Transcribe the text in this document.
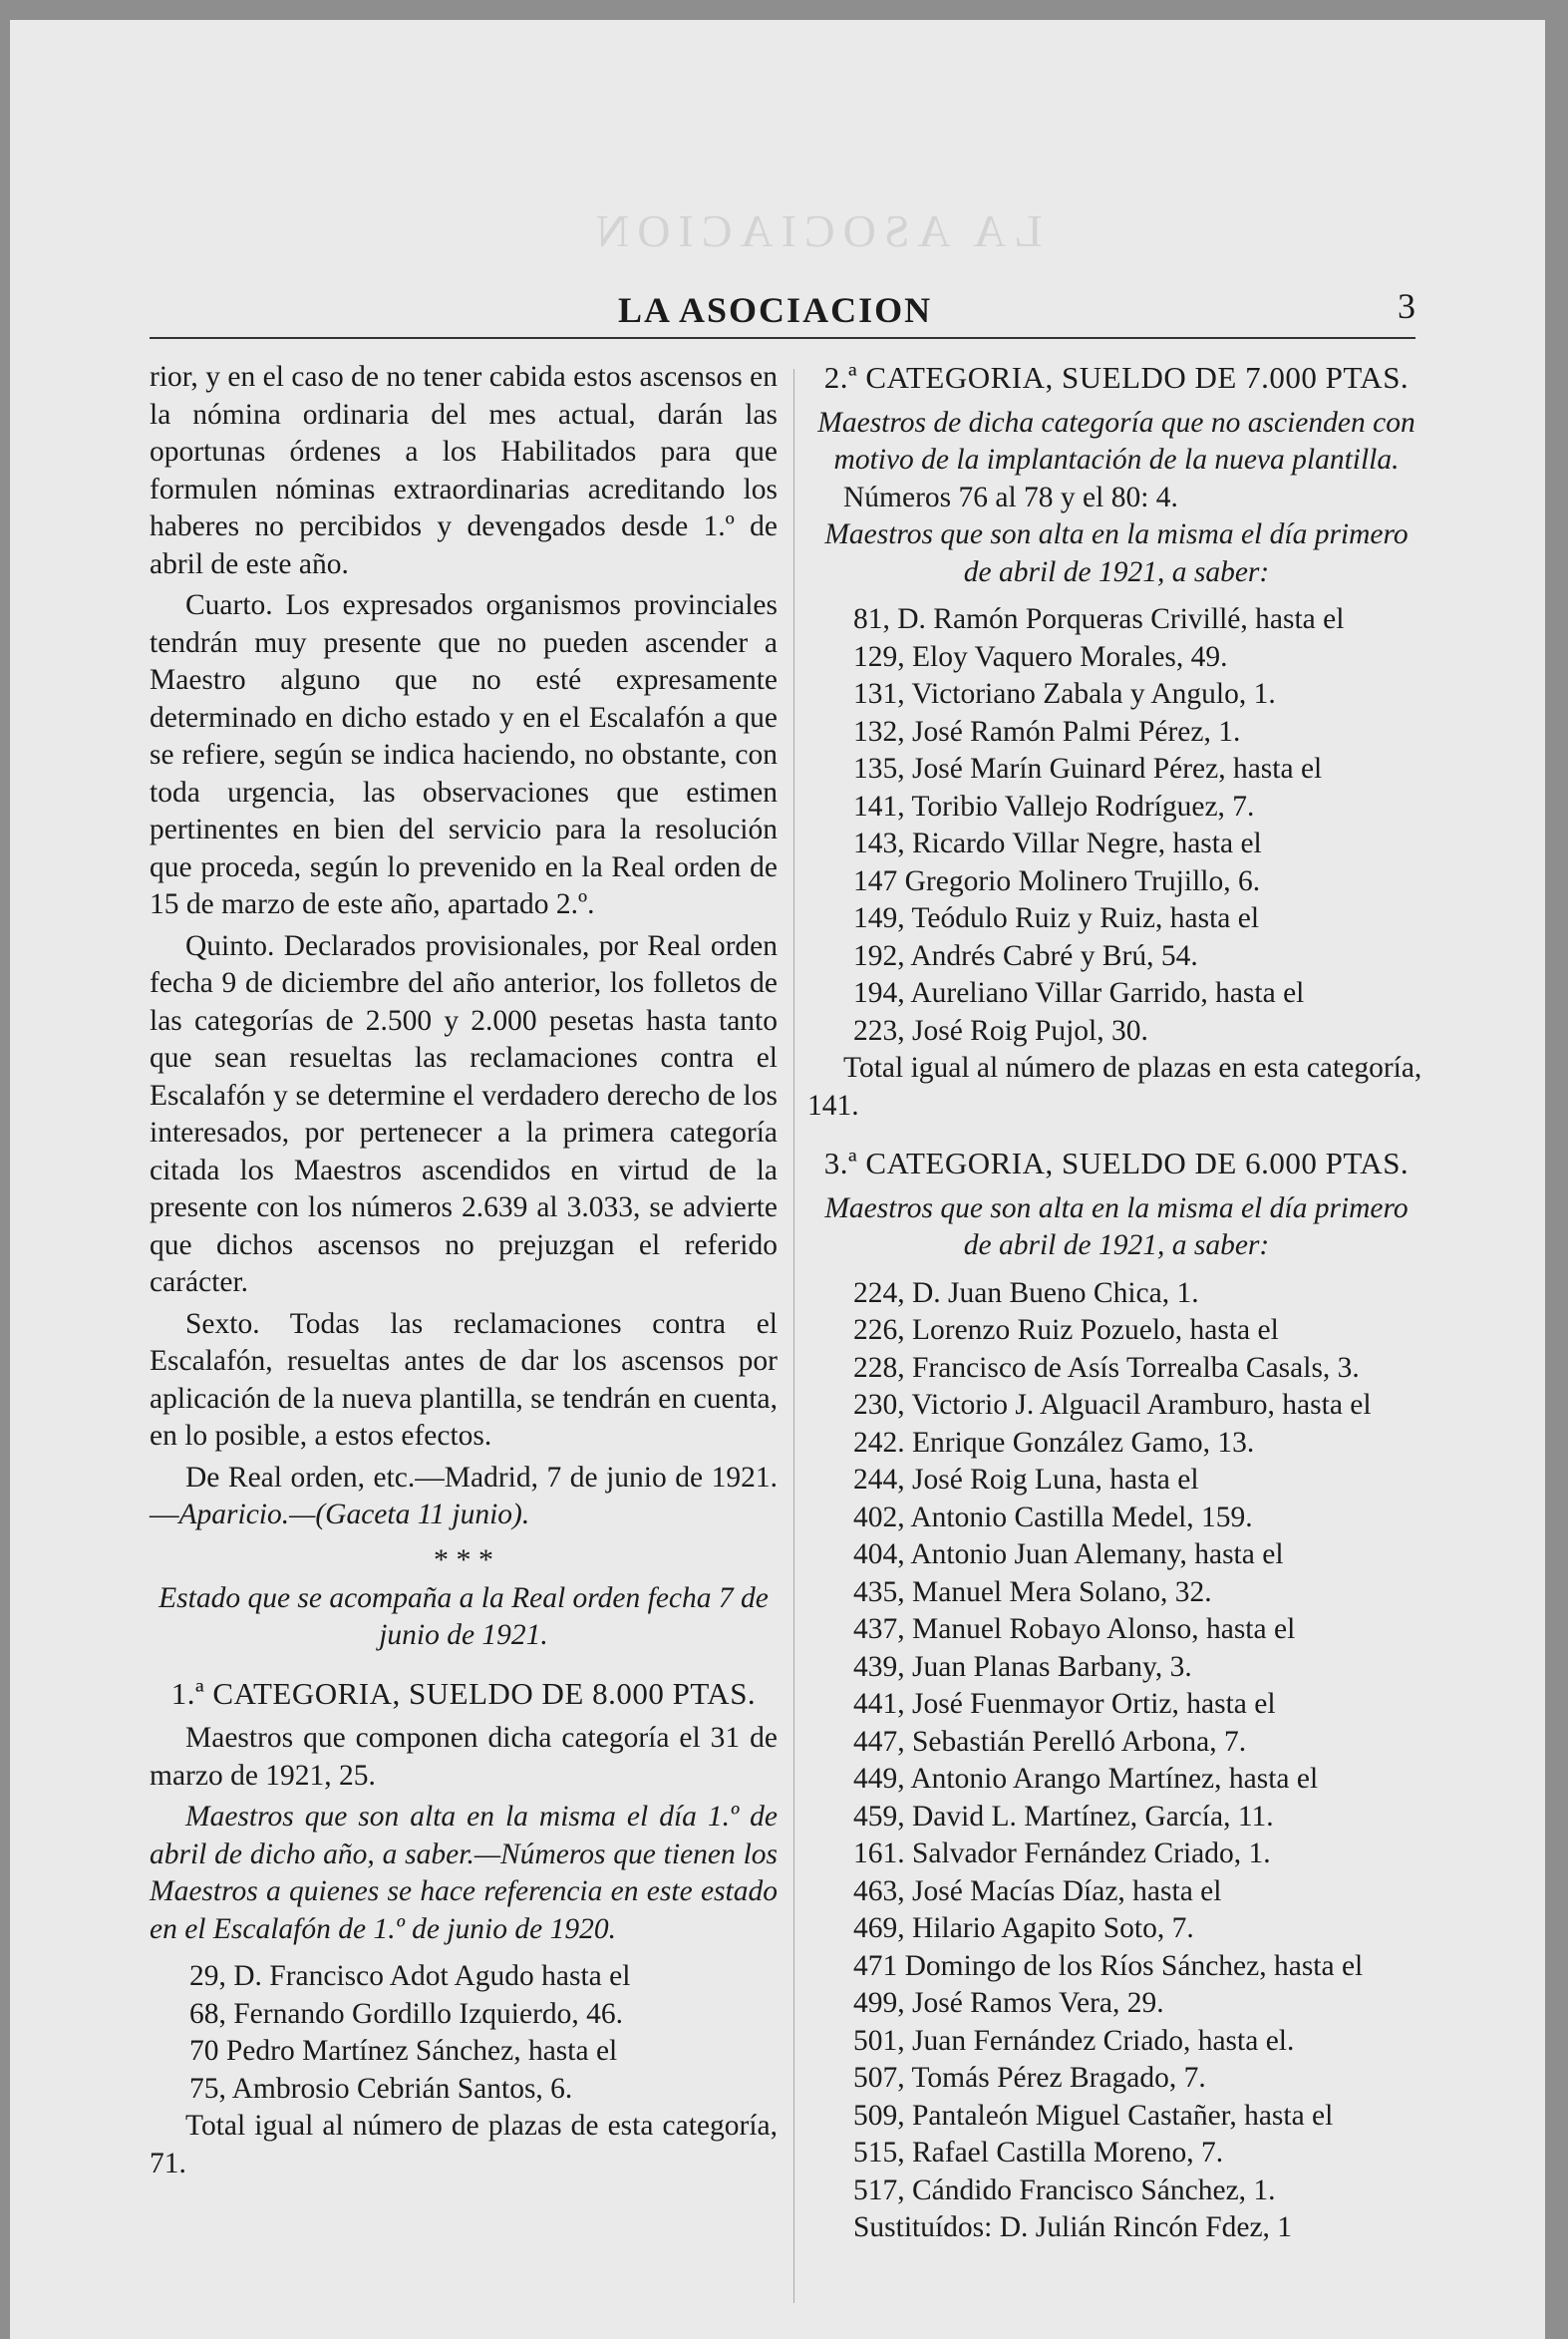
LA ASOCIACION
LA ASOCIACION	3

rior, y en el caso de no tener cabida estos ascensos en la nómina ordinaria del mes actual, darán las oportunas órdenes a los Habilitados para que formulen nóminas extraordinarias acreditando los haberes no percibidos y devengados desde 1.º de abril de este año.

Cuarto. Los expresados organismos provinciales tendrán muy presente que no pueden ascender a Maestro alguno que no esté expresamente determinado en dicho estado y en el Escalafón a que se refiere, según se indica haciendo, no obstante, con toda urgencia, las observaciones que estimen pertinentes en bien del servicio para la resolución que proceda, según lo prevenido en la Real orden de 15 de marzo de este año, apartado 2.º.

Quinto. Declarados provisionales, por Real orden fecha 9 de diciembre del año anterior, los folletos de las categorías de 2.500 y 2.000 pesetas hasta tanto que sean resueltas las reclamaciones contra el Escalafón y se determine el verdadero derecho de los interesados, por pertenecer a la primera categoría citada los Maestros ascendidos en virtud de la presente con los números 2.639 al 3.033, se advierte que dichos ascensos no prejuzgan el referido carácter.

Sexto. Todas las reclamaciones contra el Escalafón, resueltas antes de dar los ascensos por aplicación de la nueva plantilla, se tendrán en cuenta, en lo posible, a estos efectos.

De Real orden, etc.—Madrid, 7 de junio de 1921.—Aparicio.—(Gaceta 11 junio).

* * *

Estado que se acompaña a la Real orden fecha 7 de junio de 1921.

1.ª CATEGORIA, SUELDO DE 8.000 PTAS.

Maestros que componen dicha categoría el 31 de marzo de 1921, 25.

Maestros que son alta en la misma el día 1.º de abril de dicho año, a saber.—Números que tienen los Maestros a quienes se hace referencia en este estado en el Escalafón de 1.º de junio de 1920.

29, D. Francisco Adot Agudo hasta el

68, Fernando Gordillo Izquierdo, 46.

70 Pedro Martínez Sánchez, hasta el

75, Ambrosio Cebrián Santos, 6.

Total igual al número de plazas de esta categoría, 71.

2.ª CATEGORIA, SUELDO DE 7.000 PTAS.

Maestros de dicha categoría que no ascienden con motivo de la implantación de la nueva plantilla.

Números 76 al 78 y el 80: 4.

Maestros que son alta en la misma el día primero de abril de 1921, a saber:

81, D. Ramón Porqueras Crivillé, hasta el

129, Eloy Vaquero Morales, 49.

131, Victoriano Zabala y Angulo, 1.

132, José Ramón Palmi Pérez, 1.

135, José Marín Guinard Pérez, hasta el

141, Toribio Vallejo Rodríguez, 7.

143, Ricardo Villar Negre, hasta el

147 Gregorio Molinero Trujillo, 6.

149, Teódulo Ruiz y Ruiz, hasta el

192, Andrés Cabré y Brú, 54.

194, Aureliano Villar Garrido, hasta el

223, José Roig Pujol, 30.

Total igual al número de plazas en esta categoría, 141.

3.ª CATEGORIA, SUELDO DE 6.000 PTAS.

Maestros que son alta en la misma el día primero de abril de 1921, a saber:

224, D. Juan Bueno Chica, 1.

226, Lorenzo Ruiz Pozuelo, hasta el

228, Francisco de Asís Torrealba Casals, 3.

230, Victorio J. Alguacil Aramburo, hasta el

242. Enrique González Gamo, 13.

244, José Roig Luna, hasta el

402, Antonio Castilla Medel, 159.

404, Antonio Juan Alemany, hasta el

435, Manuel Mera Solano, 32.

437, Manuel Robayo Alonso, hasta el

439, Juan Planas Barbany, 3.

441, José Fuenmayor Ortiz, hasta el

447, Sebastián Perelló Arbona, 7.

449, Antonio Arango Martínez, hasta el

459, David L. Martínez, García, 11.

161. Salvador Fernández Criado, 1.

463, José Macías Díaz, hasta el

469, Hilario Agapito Soto, 7.

471 Domingo de los Ríos Sánchez, hasta el

499, José Ramos Vera, 29.

501, Juan Fernández Criado, hasta el.

507, Tomás Pérez Bragado, 7.

509, Pantaleón Miguel Castañer, hasta el

515, Rafael Castilla Moreno, 7.

517, Cándido Francisco Sánchez, 1.

Sustituídos: D. Julián Rincón Fdez, 1
